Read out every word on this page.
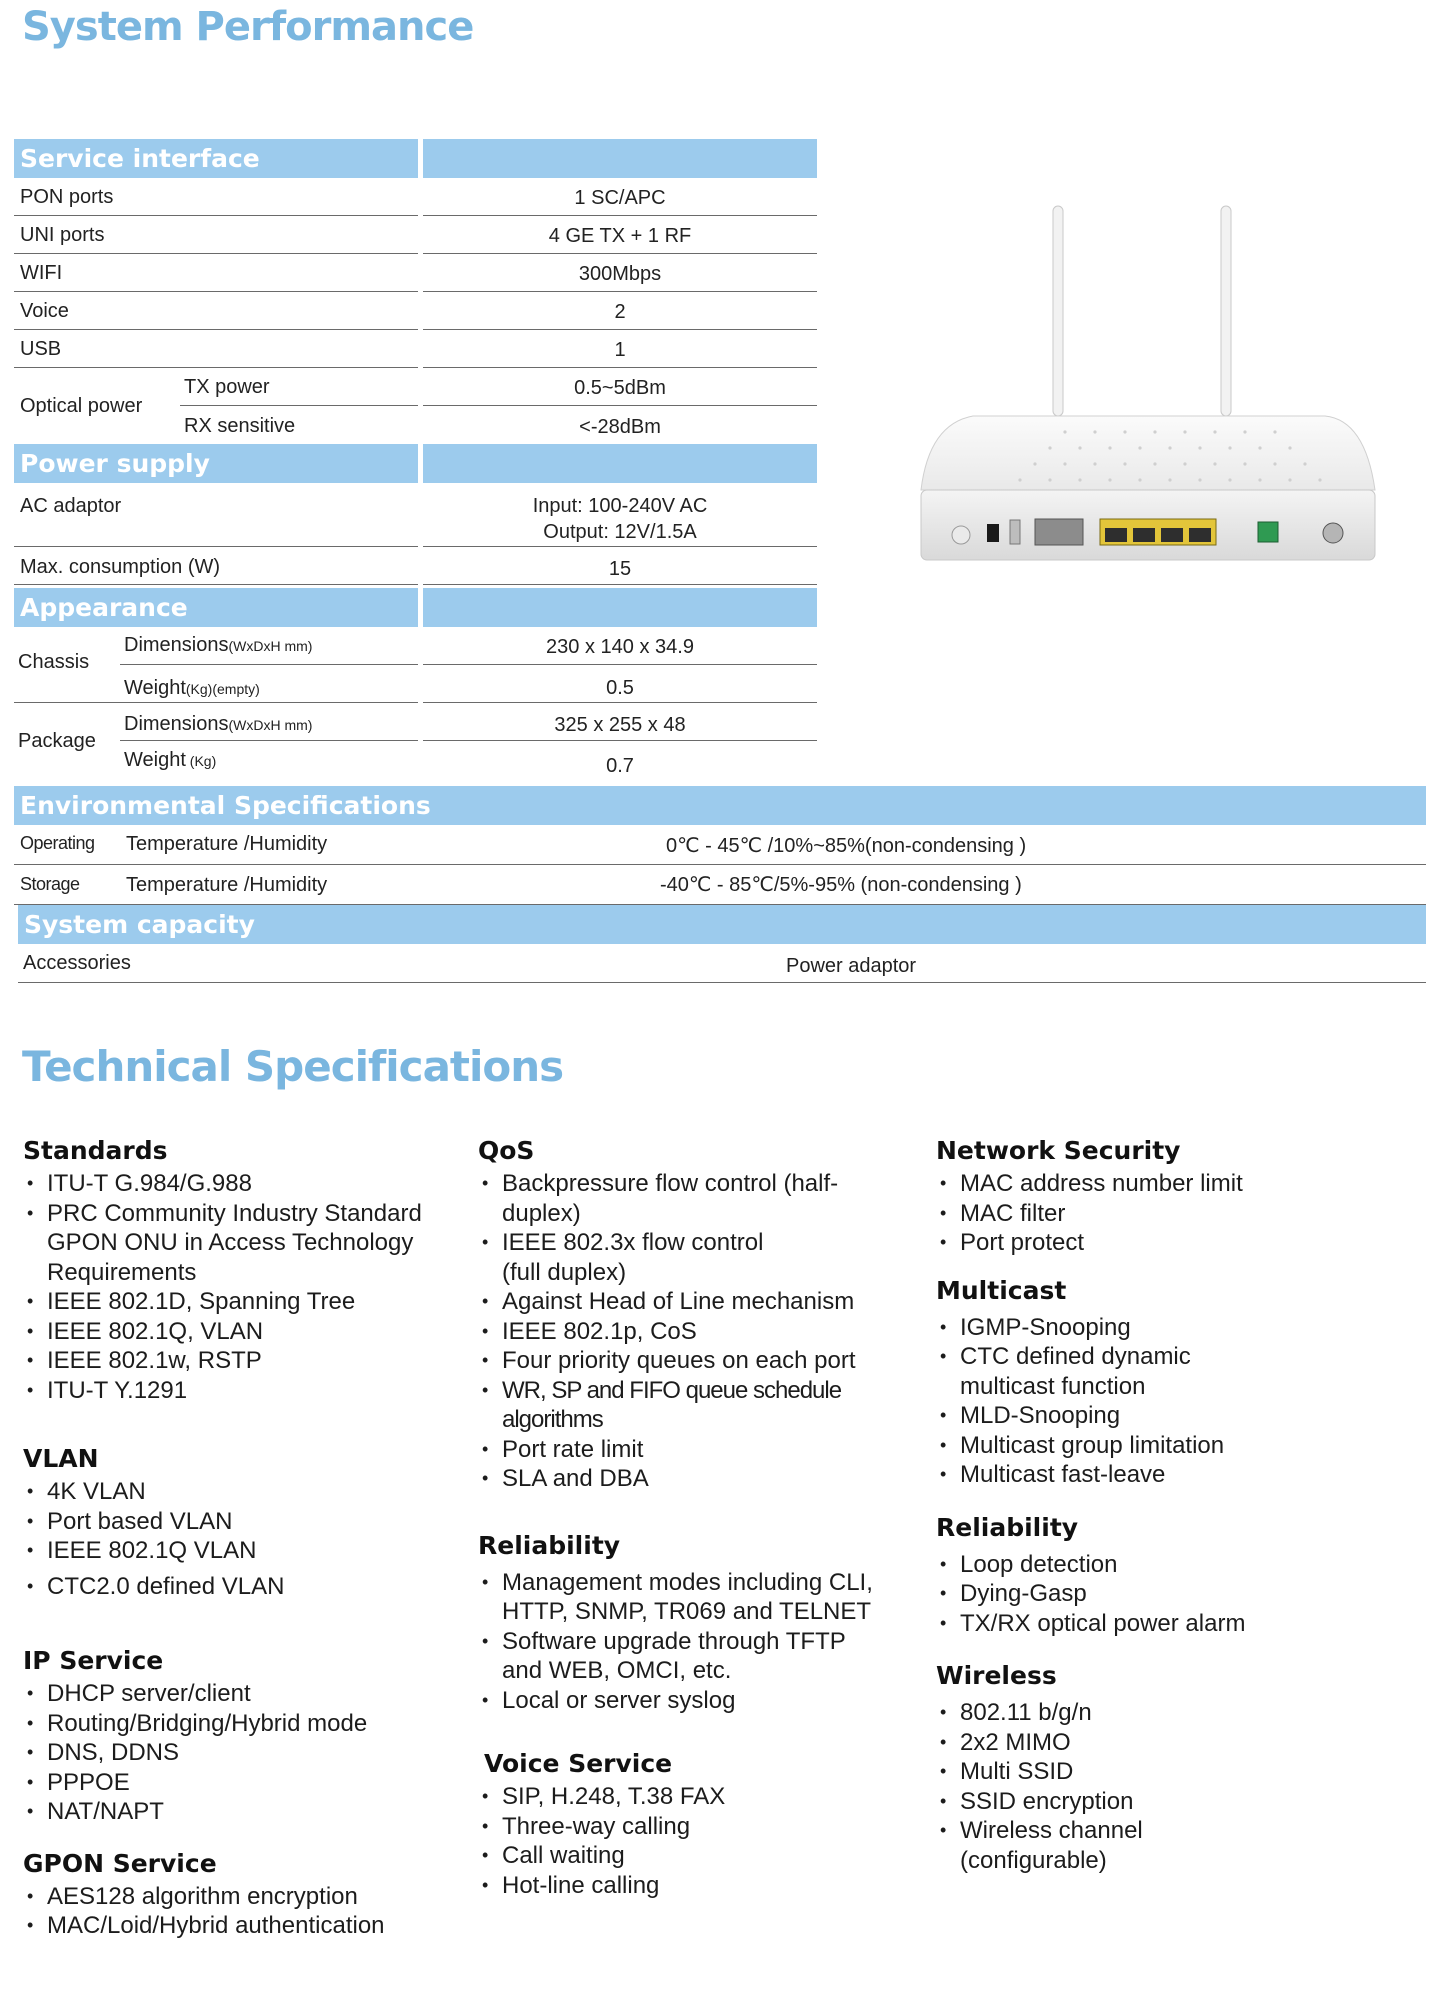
System Performance
Service interface
PON ports	1 SC/APC
UNI ports	4 GE TX + 1 RF
WIFI	300Mbps
Voice	2
USB	1
Optical power
TX power	0.5~5dBm
RX sensitive	<-28dBm
Power supply
AC adaptor	Input: 100-240V AC
Output: 12V/1.5A
Max. consumption (W)	15
Appearance
Chassis
Dimensions(WxDxH mm)	230 x 140 x 34.9
Weight(Kg)(empty)	0.5
Package
Dimensions(WxDxH mm)	325 x 255 x 48
Weight (Kg)	0.7
Environmental Specifications
Operating Temperature /Humidity	0℃ - 45℃ /10%~85%(non-condensing )
Storage Temperature /Humidity	-40℃ - 85℃/5%-95% (non-condensing )
System capacity
Accessories	Power adaptor
Technical Specifications
Standards
• ITU-T G.984/G.988
• PRC Community Industry Standard GPON ONU in Access Technology Requirements
• IEEE 802.1D, Spanning Tree
• IEEE 802.1Q, VLAN
• IEEE 802.1w, RSTP
• ITU-T Y.1291
VLAN
• 4K VLAN
• Port based VLAN
• IEEE 802.1Q VLAN
• CTC2.0 defined VLAN
IP Service
• DHCP server/client
• Routing/Bridging/Hybrid mode
• DNS, DDNS
• PPPOE
• NAT/NAPT
GPON Service
• AES128 algorithm encryption
• MAC/Loid/Hybrid authentication
QoS
• Backpressure flow control (half-duplex)
• IEEE 802.3x flow control (full duplex)
• Against Head of Line mechanism
• IEEE 802.1p, CoS
• Four priority queues on each port
• WR, SP and FIFO queue schedule algorithms
• Port rate limit
• SLA and DBA
Reliability
• Management modes including CLI, HTTP, SNMP, TR069 and TELNET
• Software upgrade through TFTP and WEB, OMCI, etc.
• Local or server syslog
Voice Service
• SIP, H.248, T.38 FAX
• Three-way calling
• Call waiting
• Hot-line calling
Network Security
• MAC address number limit
• MAC filter
• Port protect
Multicast
• IGMP-Snooping
• CTC defined dynamic multicast function
• MLD-Snooping
• Multicast group limitation
• Multicast fast-leave
Reliability
• Loop detection
• Dying-Gasp
• TX/RX optical power alarm
Wireless
• 802.11 b/g/n
• 2x2 MIMO
• Multi SSID
• SSID encryption
• Wireless channel (configurable)
